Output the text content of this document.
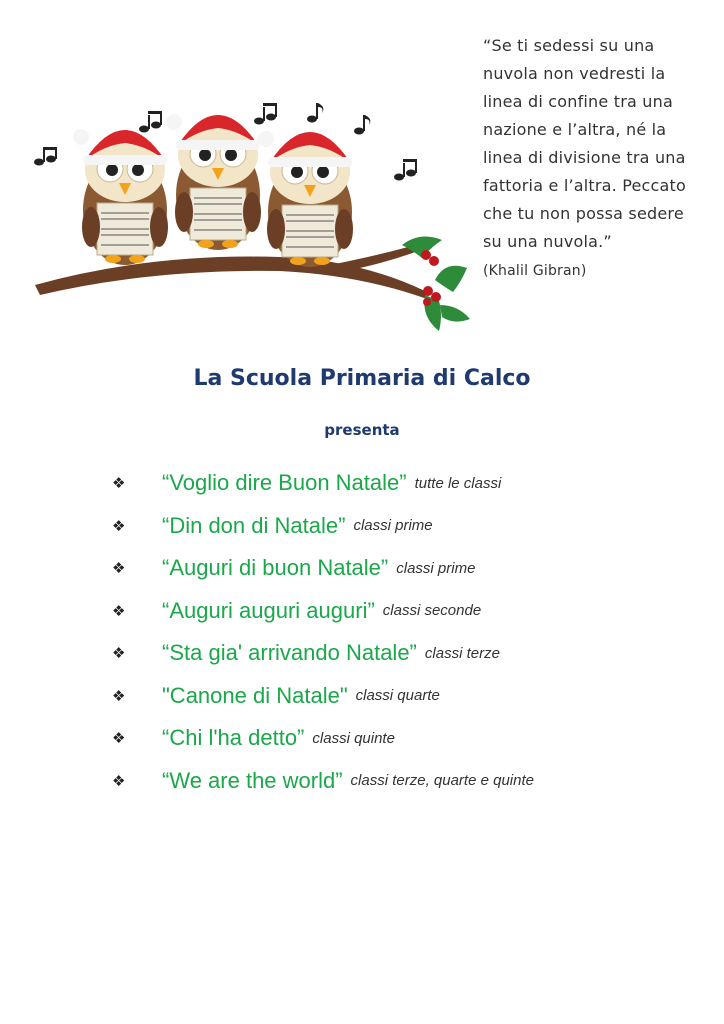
“Se ti sedessi su una
nuvola non vedresti la
linea di confine tra una
nazione e l’altra, né la
linea di divisione tra una
fattoria e l’altra. Peccato
che tu non possa sedere
su una nuvola.”
(Khalil Gibran)
La Scuola Primaria di Calco
presenta
❖	“Voglio dire Buon Natale” tutte le classi
❖	“Din don di Natale” classi prime
❖	“Auguri di buon Natale” classi prime
❖	“Auguri auguri auguri” classi seconde
❖	“Sta gia' arrivando Natale” classi terze
❖	"Canone di Natale" classi quarte
❖	“Chi l'ha detto” classi quinte
❖	“We are the world” classi terze, quarte e quinte
